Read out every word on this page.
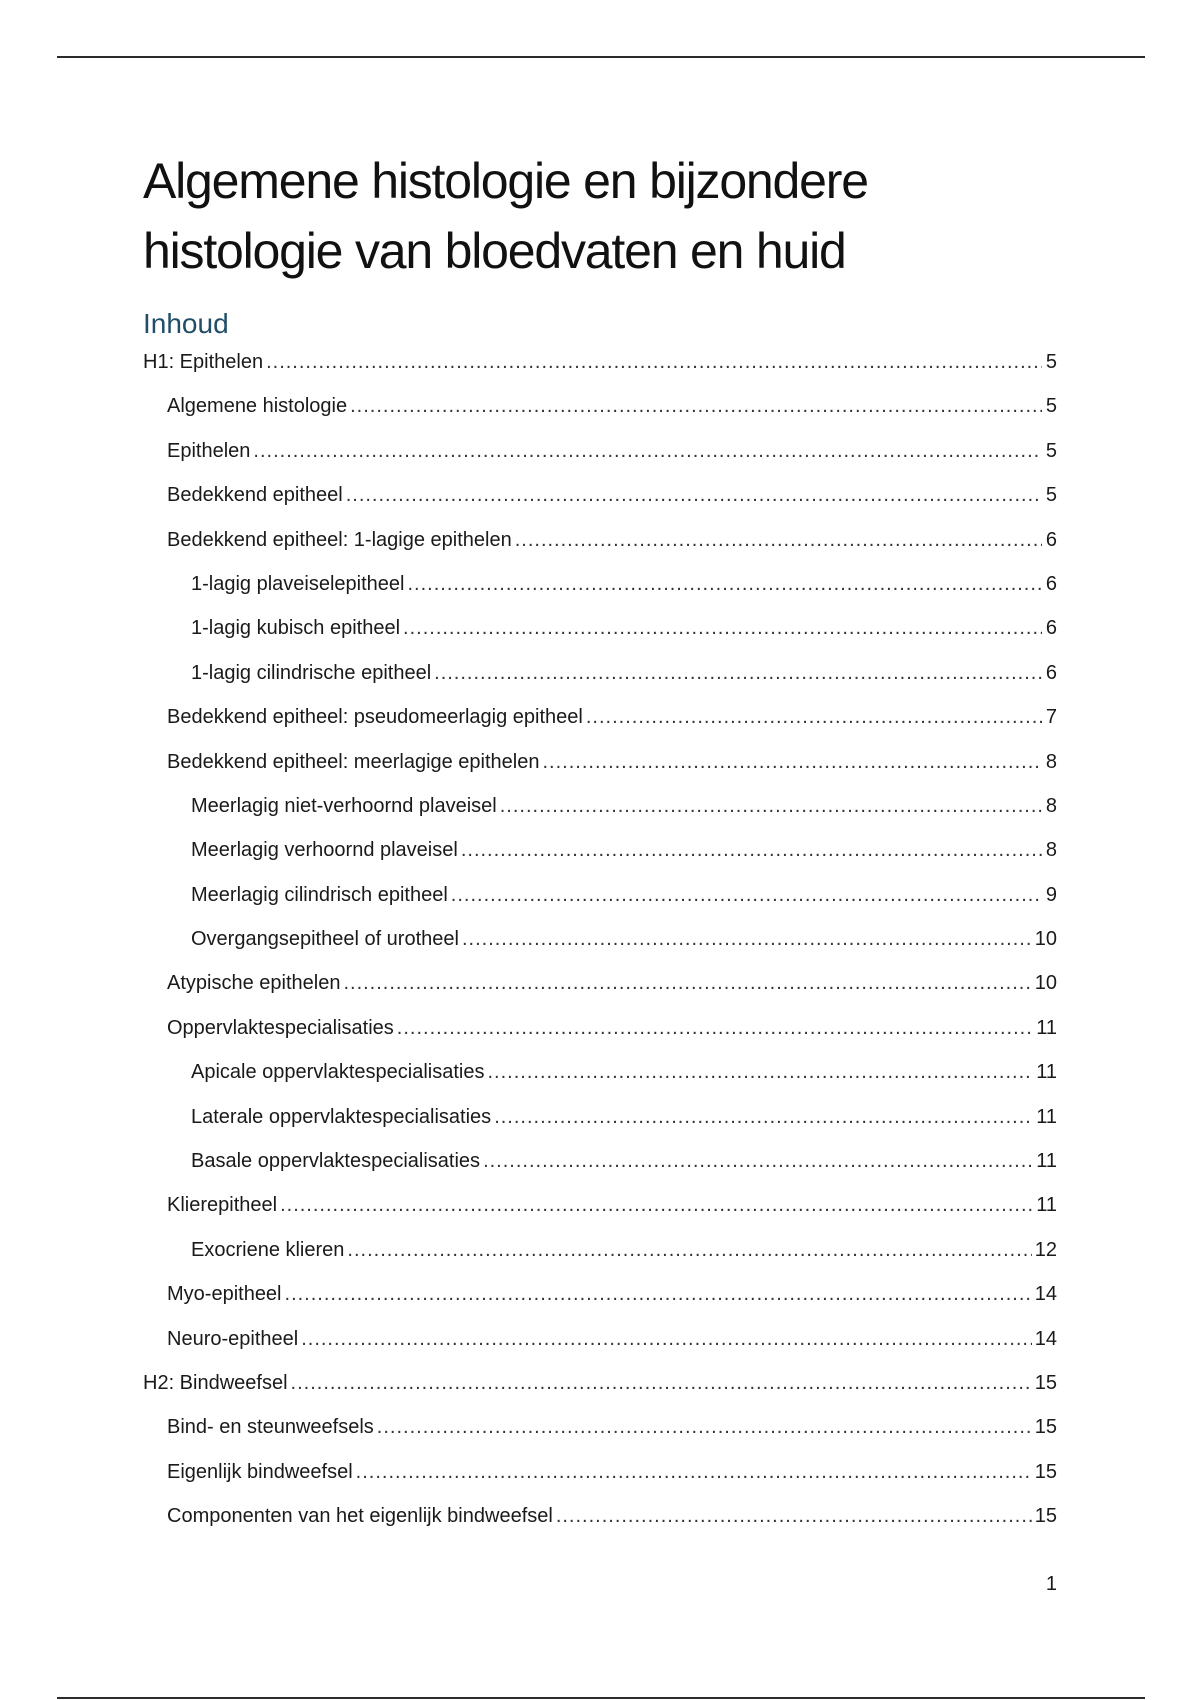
Algemene histologie en bijzondere
histologie van bloedvaten en huid
Inhoud
H1: Epithelen .....	5
Algemene histologie .....	5
Epithelen .....	5
Bedekkend epitheel .....	5
Bedekkend epitheel: 1-lagige epithelen .....	6
1-lagig plaveiselepitheel .....	6
1-lagig kubisch epitheel .....	6
1-lagig cilindrische epitheel .....	6
Bedekkend epitheel: pseudomeerlagig epitheel .....	7
Bedekkend epitheel: meerlagige epithelen .....	8
Meerlagig niet-verhoornd plaveisel .....	8
Meerlagig verhoornd plaveisel .....	8
Meerlagig cilindrisch epitheel .....	9
Overgangsepitheel of urotheel .....	10
Atypische epithelen .....	10
Oppervlaktespecialisaties .....	11
Apicale oppervlaktespecialisaties .....	11
Laterale oppervlaktespecialisaties .....	11
Basale oppervlaktespecialisaties .....	11
Klierepitheel .....	11
Exocriene klieren .....	12
Myo-epitheel .....	14
Neuro-epitheel .....	14
H2: Bindweefsel .....	15
Bind- en steunweefsels .....	15
Eigenlijk bindweefsel .....	15
Componenten van het eigenlijk bindweefsel .....	15
1
